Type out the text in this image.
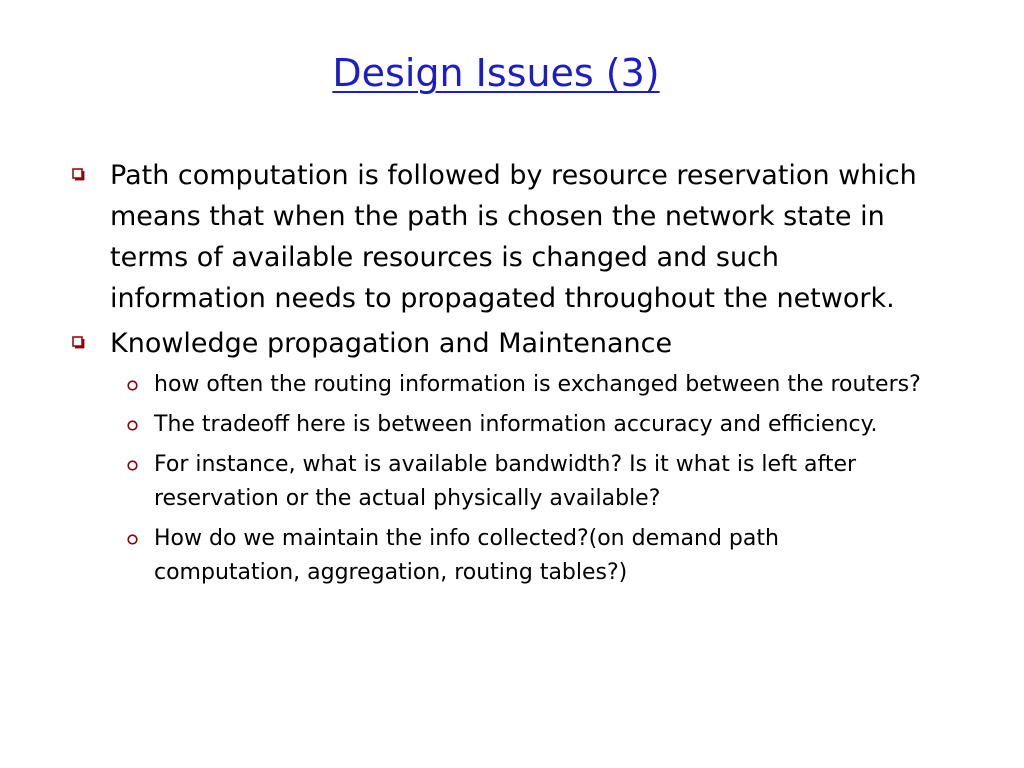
Design Issues (3)
Path computation is followed by resource reservation which means that when the path is chosen the network state in terms of available resources is changed and such information needs to propagated throughout the network.
Knowledge propagation and Maintenance
how often the routing information is exchanged between the routers?
The tradeoff here is between information accuracy and efficiency.
For instance, what is available bandwidth? Is it what is left after reservation or the actual physically available?
How do we maintain the info collected?(on demand path computation, aggregation, routing tables?)
